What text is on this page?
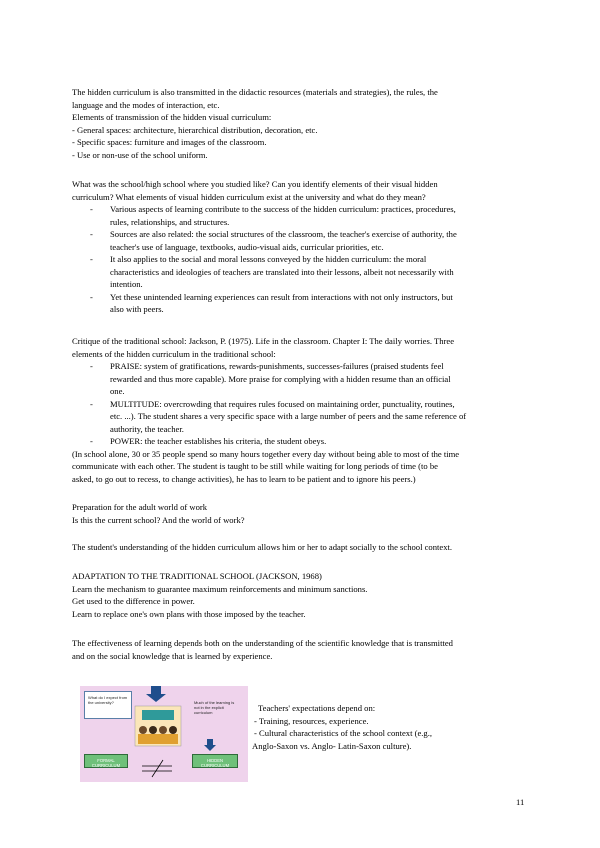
The hidden curriculum is also transmitted in the didactic resources (materials and strategies), the rules, the
language and the modes of interaction, etc.
Elements of transmission of the hidden visual curriculum:
- General spaces: architecture, hierarchical distribution, decoration, etc.
- Specific spaces: furniture and images of the classroom.
- Use or non-use of the school uniform.
What was the school/high school where you studied like? Can you identify elements of their visual hidden
curriculum? What elements of visual hidden curriculum exist at the university and what do they mean?
- Various aspects of learning contribute to the success of the hidden curriculum: practices, procedures,
rules, relationships, and structures.
- Sources are also related: the social structures of the classroom, the teacher's exercise of authority, the
teacher's use of language, textbooks, audio-visual aids, curricular priorities, etc.
- It also applies to the social and moral lessons conveyed by the hidden curriculum: the moral
characteristics and ideologies of teachers are translated into their lessons, albeit not necessarily with
intention.
- Yet these unintended learning experiences can result from interactions with not only instructors, but
also with peers.
Critique of the traditional school: Jackson, P. (1975). Life in the classroom. Chapter I: The daily worries. Three
elements of the hidden curriculum in the traditional school:
- PRAISE: system of gratifications, rewards-punishments, successes-failures (praised students feel
rewarded and thus more capable). More praise for complying with a hidden resume than an official
one.
- MULTITUDE: overcrowding that requires rules focused on maintaining order, punctuality, routines,
etc. ...). The student shares a very specific space with a large number of peers and the same reference of
authority, the teacher.
- POWER: the teacher establishes his criteria, the student obeys.
(In school alone, 30 or 35 people spend so many hours together every day without being able to most of the time
communicate with each other. The student is taught to be still while waiting for long periods of time (to be
asked, to go out to recess, to change activities), he has to learn to be patient and to ignore his peers.)
Preparation for the adult world of work
Is this the current school? And the world of work?
The student's understanding of the hidden curriculum allows him or her to adapt socially to the school context.
ADAPTATION TO THE TRADITIONAL SCHOOL (JACKSON, 1968)
Learn the mechanism to guarantee maximum reinforcements and minimum sanctions.
Get used to the difference in power.
Learn to replace one's own plans with those imposed by the teacher.
The effectiveness of learning depends both on the understanding of the scientific knowledge that is transmitted
and on the social knowledge that is learned by experience.
What do I expect from the university?	Much of the learning is not in the explicit curriculum
FORMAL CURRICULUM
HIDDEN CURRICULUM
Teachers' expectations depend on:
- Training, resources, experience.
- Cultural characteristics of the school context (e.g.,
Anglo-Saxon vs. Anglo- Latin-Saxon culture).
11
